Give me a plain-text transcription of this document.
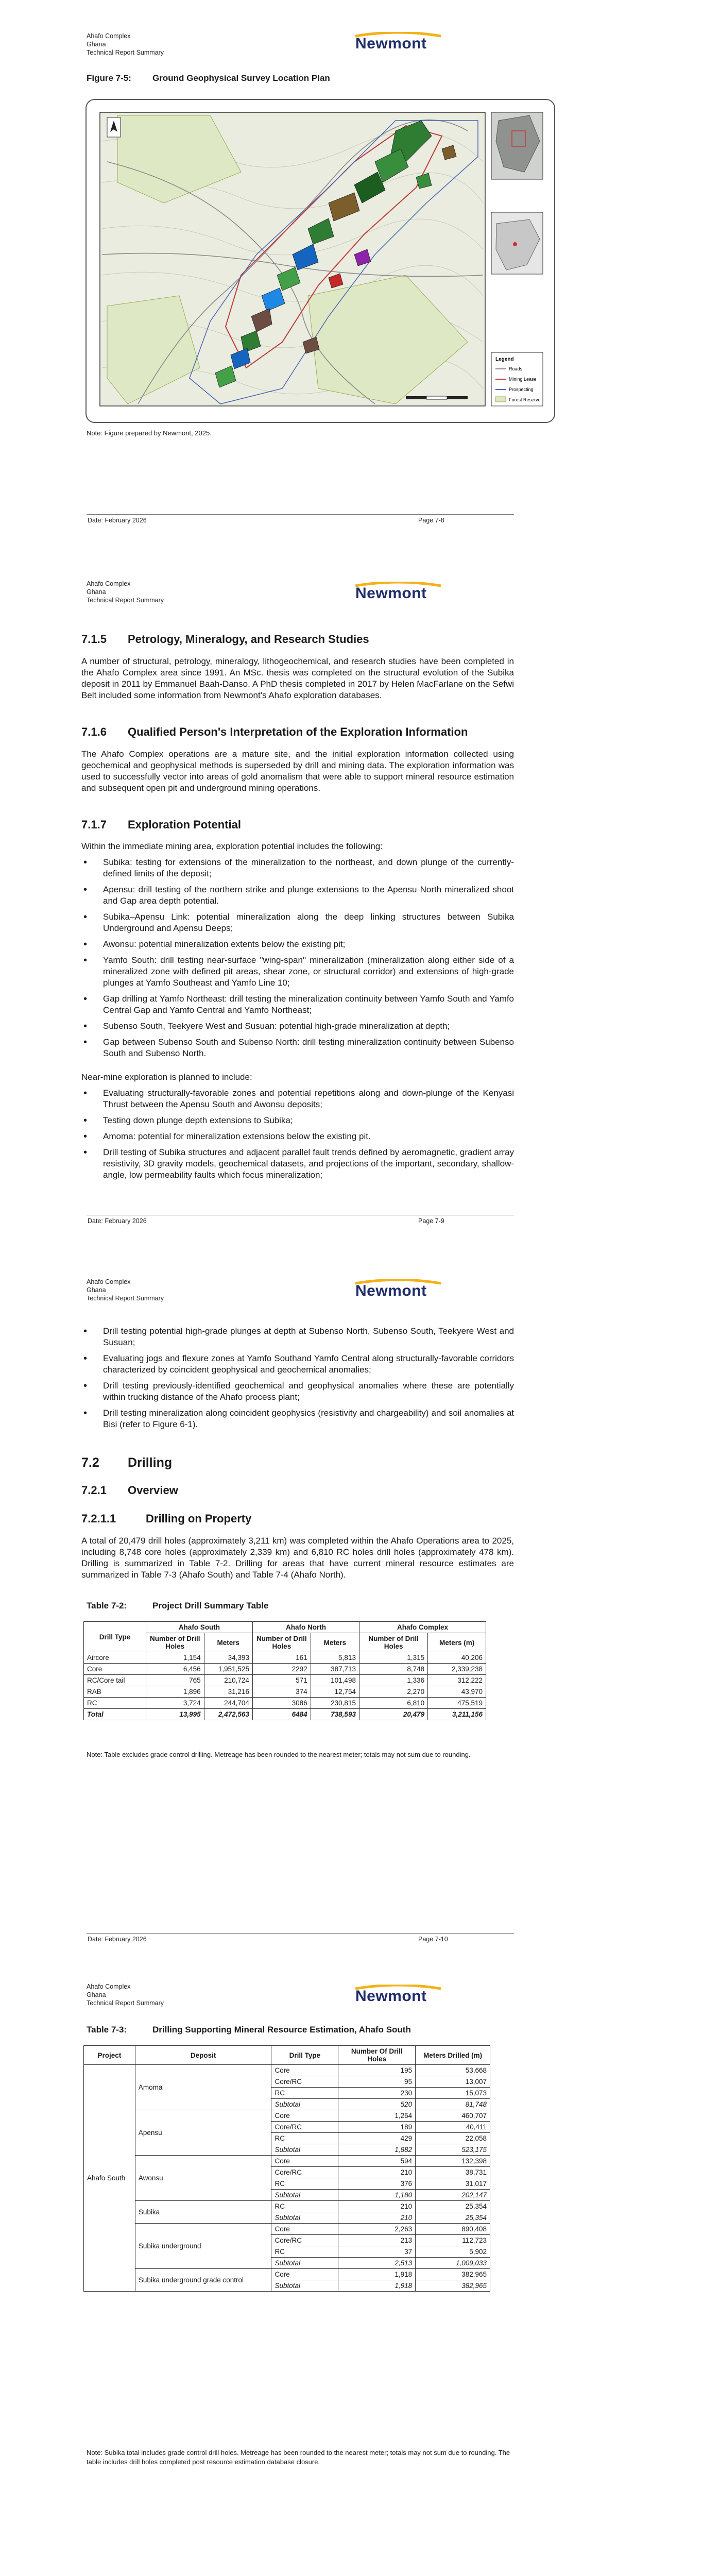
Ahafo Complex
Ghana
Technical Report Summary
Newmont
Figure 7-5: Ground Geophysical Survey Location Plan
Legend
Roads
Mining Lease
Prospecting
Forest Reserve
Note: Figure prepared by Newmont, 2025.
Date: February 2026	Page 7-8
Ahafo Complex
Ghana
Technical Report Summary	Newmont
7.1.5 Petrology, Mineralogy, and Research Studies
A number of structural, petrology, mineralogy, lithogeochemical, and research studies have been completed in the Ahafo Complex area since 1991. An MSc. thesis was completed on the structural evolution of the Subika deposit in 2011 by Emmanuel Baah-Danso. A PhD thesis completed in 2017 by Helen MacFarlane on the Sefwi Belt included some information from Newmont's Ahafo exploration databases.
7.1.6 Qualified Person's Interpretation of the Exploration Information
The Ahafo Complex operations are a mature site, and the initial exploration information collected using geochemical and geophysical methods is superseded by drill and mining data. The exploration information was used to successfully vector into areas of gold anomalism that were able to support mineral resource estimation and subsequent open pit and underground mining operations.
7.1.7 Exploration Potential
Within the immediate mining area, exploration potential includes the following:
• Subika: testing for extensions of the mineralization to the northeast, and down plunge of the currently-defined limits of the deposit;
• Apensu: drill testing of the northern strike and plunge extensions to the Apensu North mineralized shoot and Gap area depth potential.
• Subika–Apensu Link: potential mineralization along the deep linking structures between Subika Underground and Apensu Deeps;
• Awonsu: potential mineralization extents below the existing pit;
• Yamfo South: drill testing near-surface "wing-span" mineralization (mineralization along either side of a mineralized zone with defined pit areas, shear zone, or structural corridor) and extensions of high-grade plunges at Yamfo Southeast and Yamfo Line 10;
• Gap drilling at Yamfo Northeast: drill testing the mineralization continuity between Yamfo South and Yamfo Central Gap and Yamfo Central and Yamfo Northeast;
• Subenso South, Teekyere West and Susuan: potential high-grade mineralization at depth;
• Gap between Subenso South and Subenso North: drill testing mineralization continuity between Subenso South and Subenso North.
Near-mine exploration is planned to include:
• Evaluating structurally-favorable zones and potential repetitions along and down-plunge of the Kenyasi Thrust between the Apensu South and Awonsu deposits;
• Testing down plunge depth extensions to Subika;
• Amoma: potential for mineralization extensions below the existing pit.
• Drill testing of Subika structures and adjacent parallel fault trends defined by aeromagnetic, gradient array resistivity, 3D gravity models, geochemical datasets, and projections of the important, secondary, shallow-angle, low permeability faults which focus mineralization;
Date: February 2026	Page 7-9
Ahafo Complex
Ghana
Technical Report Summary	Newmont
• Drill testing potential high-grade plunges at depth at Subenso North, Subenso South, Teekyere West and Susuan;
• Evaluating jogs and flexure zones at Yamfo Southand Yamfo Central along structurally-favorable corridors characterized by coincident geophysical and geochemical anomalies;
• Drill testing previously-identified geochemical and geophysical anomalies where these are potentially within trucking distance of the Ahafo process plant;
• Drill testing mineralization along coincident geophysics (resistivity and chargeability) and soil anomalies at Bisi (refer to Figure 6-1).
7.2 Drilling
7.2.1 Overview
7.2.1.1	Drilling on Property
A total of 20,479 drill holes (approximately 3,211 km) was completed within the Ahafo Operations area to 2025, including 8,748 core holes (approximately 2,339 km) and 6,810 RC holes drill holes (approximately 478 km). Drilling is summarized in Table 7-2. Drilling for areas that have current mineral resource estimates are summarized in Table 7-3 (Ahafo South) and Table 7-4 (Ahafo North).
Table 7-2:	Project Drill Summary Table
Drill Type	Ahafo South		Ahafo North		Ahafo Complex	
	Number of Drill Holes	Meters	Number of Drill Holes	Meters	Number of Drill Holes	Meters (m)
Aircore	1,154	34,393	161	5,813	1,315	40,206
Core	6,456	1,951,525	2292	387,713	8,748	2,339,238
RC/Core tail	765	210,724	571	101,498	1,336	312,222
RAB	1,896	31,216	374	12,754	2,270	43,970
RC	3,724	244,704	3086	230,815	6,810	475,519
Total	13,995	2,472,563	6484	738,593	20,479	3,211,156
Note: Table excludes grade control drilling. Metreage has been rounded to the nearest meter; totals may not sum due to rounding.
Date: February 2026	Page 7-10
Ahafo Complex
Ghana
Technical Report Summary	Newmont
Table 7-3:	Drilling Supporting Mineral Resource Estimation, Ahafo South
Project	Deposit	Drill Type	Number Of Drill Holes	Meters Drilled (m)
Ahafo South	Amoma	Core	195	53,668
		Core/RC	95	13,007
		RC	230	15,073
		Subtotal	520	81,748
	Apensu	Core	1,264	460,707
		Core/RC	189	40,411
		RC	429	22,058
		Subtotal	1,882	523,175
	Awonsu	Core	594	132,398
		Core/RC	210	38,731
		RC	376	31,017
		Subtotal	1,180	202,147
	Subika	RC	210	25,354
		Subtotal	210	25,354
	Subika underground	Core	2,263	890,408
		Core/RC	213	112,723
		RC	37	5,902
		Subtotal	2,513	1,009,033
	Subika underground grade control	Core	1,918	382,965
		Subtotal	1,918	382,965
Note: Subika total includes grade control drill holes. Metreage has been rounded to the nearest meter; totals may not sum due to rounding. The table includes drill holes completed post resource estimation database closure.
